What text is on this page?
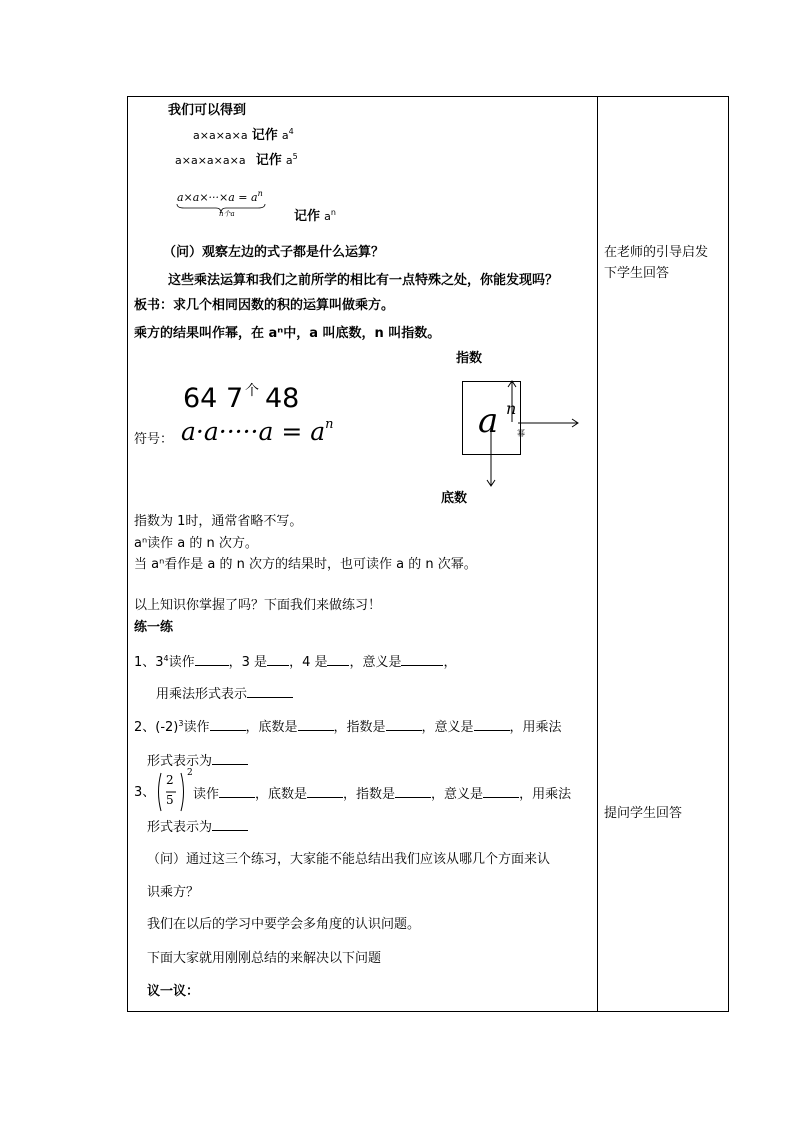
我们可以得到
a×a×a×a 记作 $a^4$
a×a×a×a×a 记作 $a^5$
$a\times a\times\cdot\cdot\cdot\times a = a^n$
n个a	记作 $a^n$
（问）观察左边的式子都是什么运算？
这些乘法运算和我们之前所学的相比有一点特殊之处，你能发现吗？
板书：求几个相同因数的积的运算叫做乘方。
乘方的结果叫作幂，在 aⁿ中，a 叫底数，n 叫指数。
指数
a n
幂
底数
64 7 个 48
符号： $a\cdot a\cdot\cdot\cdot\cdot\cdot a = a^n$
指数为 1时，通常省略不写。
aⁿ读作 a 的 n 次方。
当 aⁿ看作是 a 的 n 次方的结果时，也可读作 a 的 n 次幂。
以上知识你掌握了吗？下面我们来做练习！
练一练
1、$3^4$读作	，3 是 ，4 是 ，意义是	，
用乘法形式表示
2、$(-2)^3$读作	，底数是	，指数是	，意义是	，用乘法
形式表示为
3、
2
5
2
读作	，底数是	，指数是	，意义是	，用乘法
形式表示为
（问）通过这三个练习，大家能不能总结出我们应该从哪几个方面来认
识乘方？
我们在以后的学习中要学会多角度的认识问题。
下面大家就用刚刚总结的来解决以下问题
议一议：
在老师的引导启发
下学生回答
提问学生回答
